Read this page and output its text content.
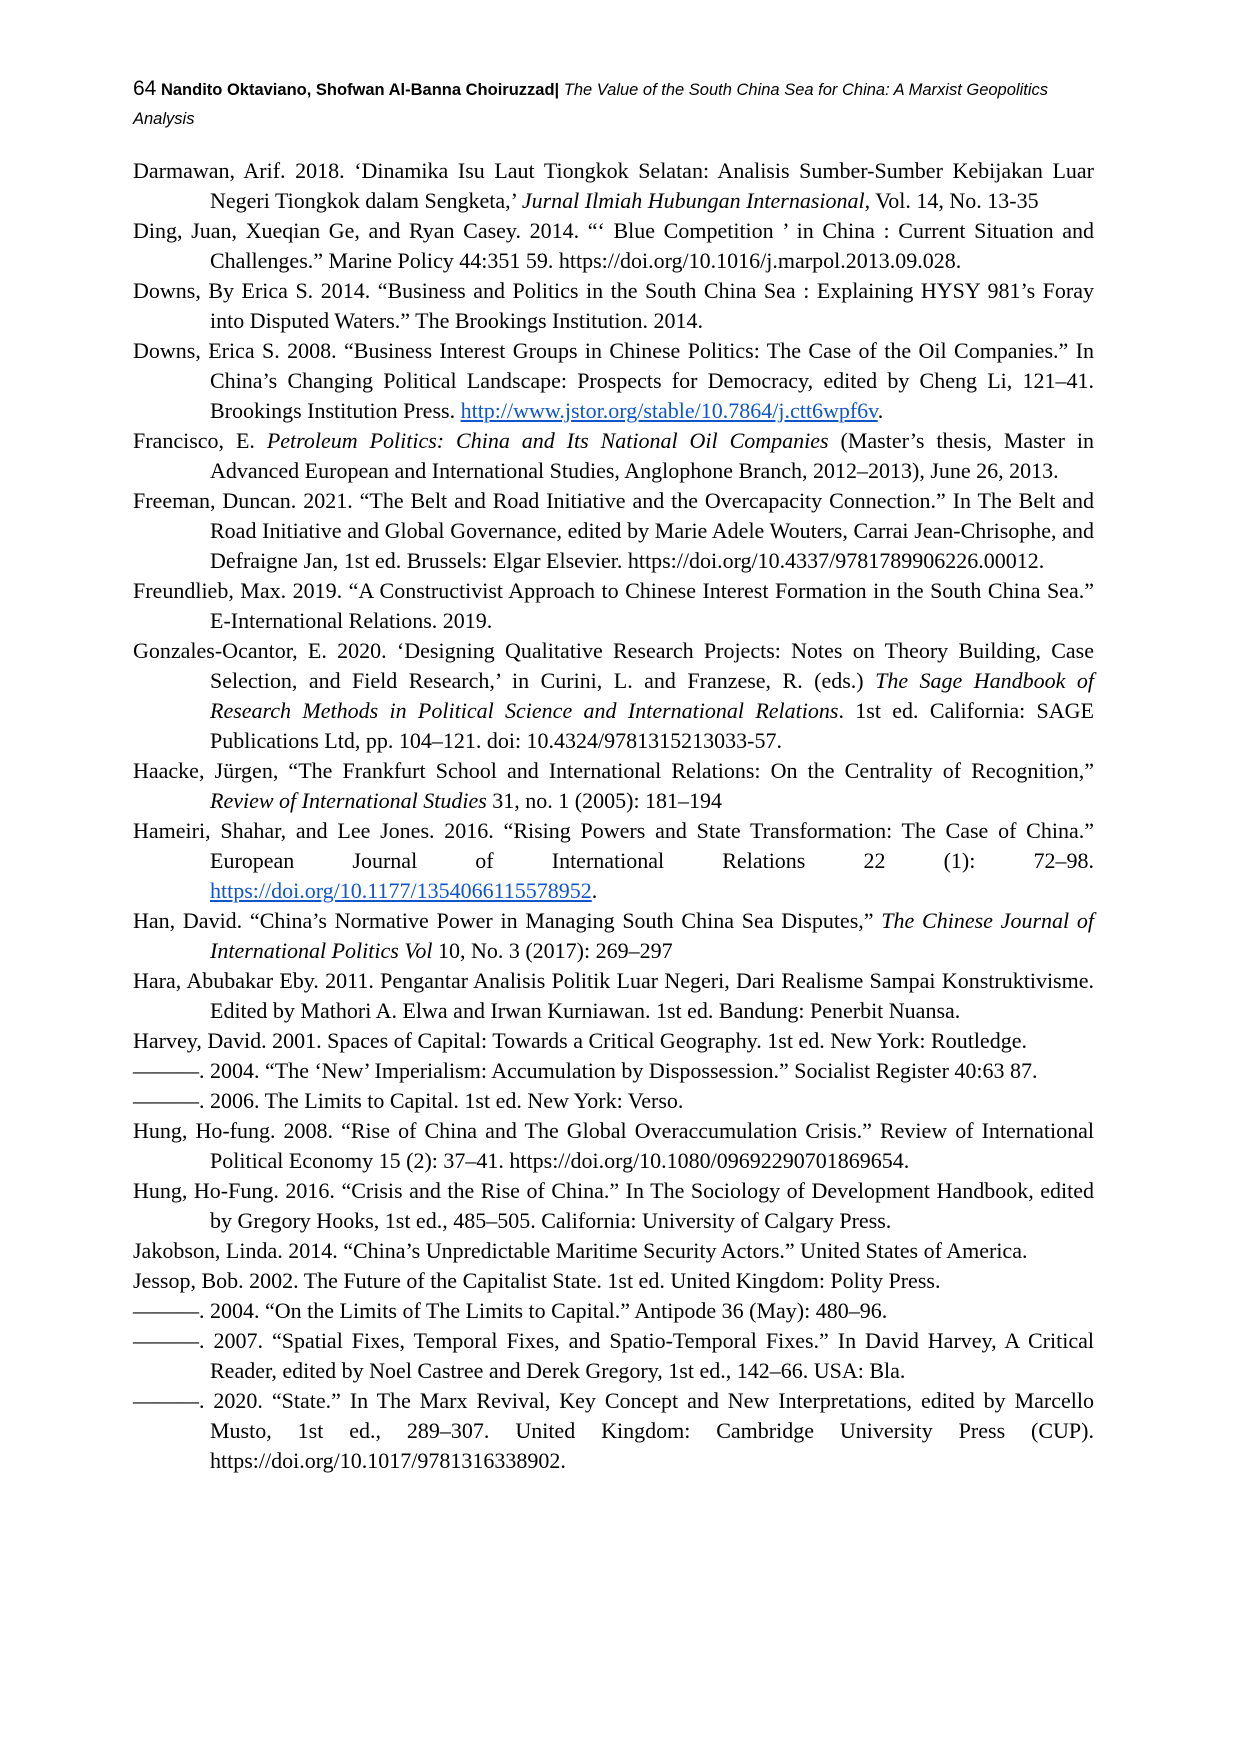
64 Nandito Oktaviano, Shofwan Al-Banna Choiruzzad| The Value of the South China Sea for China: A Marxist Geopolitics Analysis

Darmawan, Arif. 2018. ‘Dinamika Isu Laut Tiongkok Selatan: Analisis Sumber-Sumber Kebijakan Luar Negeri Tiongkok dalam Sengketa,’ Jurnal Ilmiah Hubungan Internasional, Vol. 14, No. 13-35

Ding, Juan, Xueqian Ge, and Ryan Casey. 2014. “‘ Blue Competition ’ in China : Current Situation and Challenges.” Marine Policy 44:351 59. https://doi.org/10.1016/j.marpol.2013.09.028.

Downs, By Erica S. 2014. “Business and Politics in the South China Sea : Explaining HYSY 981’s Foray into Disputed Waters.” The Brookings Institution. 2014.

Downs, Erica S. 2008. “Business Interest Groups in Chinese Politics: The Case of the Oil Companies.” In China’s Changing Political Landscape: Prospects for Democracy, edited by Cheng Li, 121–41. Brookings Institution Press. http://www.jstor.org/stable/10.7864/j.ctt6wpf6v.

Francisco, E. Petroleum Politics: China and Its National Oil Companies (Master’s thesis, Master in Advanced European and International Studies, Anglophone Branch, 2012–2013), June 26, 2013.

Freeman, Duncan. 2021. “The Belt and Road Initiative and the Overcapacity Connection.” In The Belt and Road Initiative and Global Governance, edited by Marie Adele Wouters, Carrai Jean-Chrisophe, and Defraigne Jan, 1st ed. Brussels: Elgar Elsevier. https://doi.org/10.4337/9781789906226.00012.

Freundlieb, Max. 2019. “A Constructivist Approach to Chinese Interest Formation in the South China Sea.” E-International Relations. 2019.

Gonzales-Ocantor, E. 2020. ‘Designing Qualitative Research Projects: Notes on Theory Building, Case Selection, and Field Research,’ in Curini, L. and Franzese, R. (eds.) The Sage Handbook of Research Methods in Political Science and International Relations. 1st ed. California: SAGE Publications Ltd, pp. 104–121. doi: 10.4324/9781315213033-57.

Haacke, Jürgen, “The Frankfurt School and International Relations: On the Centrality of Recognition,” Review of International Studies 31, no. 1 (2005): 181–194

Hameiri, Shahar, and Lee Jones. 2016. “Rising Powers and State Transformation: The Case of China.” European Journal of International Relations 22 (1): 72–98. https://doi.org/10.1177/1354066115578952.

Han, David. “China’s Normative Power in Managing South China Sea Disputes,” The Chinese Journal of International Politics Vol 10, No. 3 (2017): 269–297

Hara, Abubakar Eby. 2011. Pengantar Analisis Politik Luar Negeri, Dari Realisme Sampai Konstruktivisme. Edited by Mathori A. Elwa and Irwan Kurniawan. 1st ed. Bandung: Penerbit Nuansa.

Harvey, David. 2001. Spaces of Capital: Towards a Critical Geography. 1st ed. New York: Routledge.

———. 2004. “The ‘New’ Imperialism: Accumulation by Dispossession.” Socialist Register 40:63 87.

———. 2006. The Limits to Capital. 1st ed. New York: Verso.

Hung, Ho-fung. 2008. “Rise of China and The Global Overaccumulation Crisis.” Review of International Political Economy 15 (2): 37–41. https://doi.org/10.1080/09692290701869654.

Hung, Ho-Fung. 2016. “Crisis and the Rise of China.” In The Sociology of Development Handbook, edited by Gregory Hooks, 1st ed., 485–505. California: University of Calgary Press.

Jakobson, Linda. 2014. “China’s Unpredictable Maritime Security Actors.” United States of America.

Jessop, Bob. 2002. The Future of the Capitalist State. 1st ed. United Kingdom: Polity Press.

———. 2004. “On the Limits of The Limits to Capital.” Antipode 36 (May): 480–96.

———. 2007. “Spatial Fixes, Temporal Fixes, and Spatio-Temporal Fixes.” In David Harvey, A Critical Reader, edited by Noel Castree and Derek Gregory, 1st ed., 142–66. USA: Bla.

———. 2020. “State.” In The Marx Revival, Key Concept and New Interpretations, edited by Marcello Musto, 1st ed., 289–307. United Kingdom: Cambridge University Press (CUP). https://doi.org/10.1017/9781316338902.
